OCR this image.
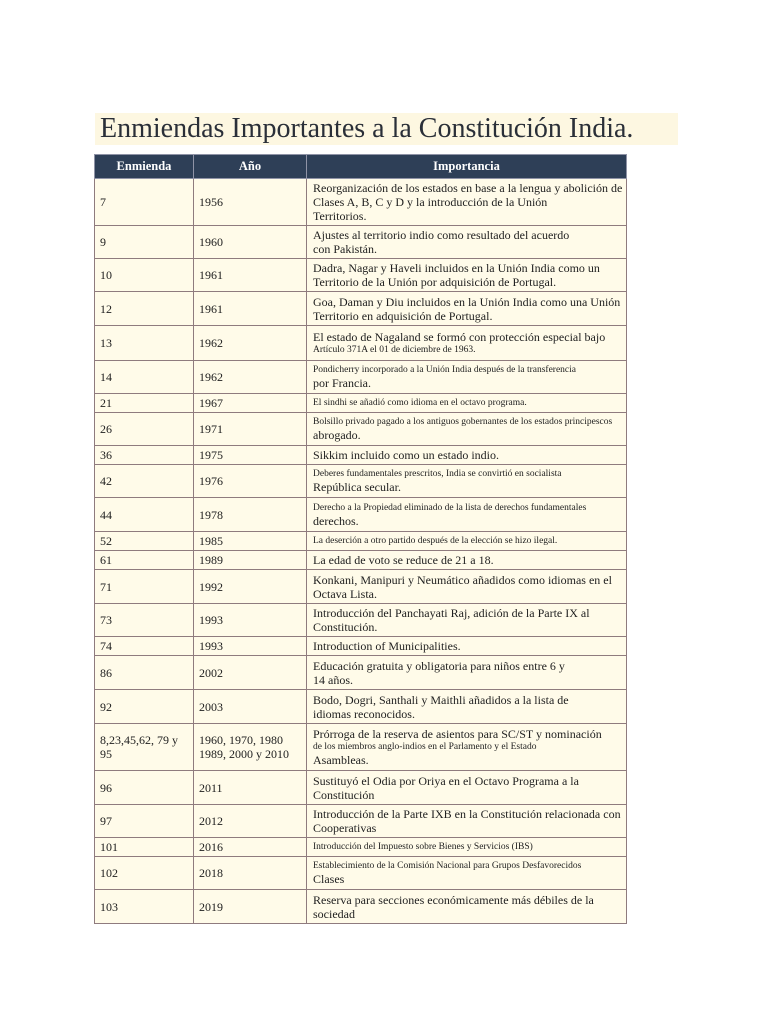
Enmiendas Importantes a la Constitución India.
Enmienda	Año	Importancia
7	1956	Reorganización de los estados en base a la lengua y abolición de
Clases A, B, C y D y la introducción de la Unión
Territorios.

9	1960	Ajustes al territorio indio como resultado del acuerdo
con Pakistán.

10	1961	Dadra, Nagar y Haveli incluidos en la Unión India como un
Territorio de la Unión por adquisición de Portugal.

12	1961	Goa, Daman y Diu incluidos en la Unión India como una Unión
Territorio en adquisición de Portugal.

13	1962	El estado de Nagaland se formó con protección especial bajo
Artículo 371A el 01 de diciembre de 1963.

14	1962	Pondicherry incorporado a la Unión India después de la transferencia
por Francia.

21	1967	El sindhi se añadió como idioma en el octavo programa.

26	1971	Bolsillo privado pagado a los antiguos gobernantes de los estados principescos
abrogado.

36	1975	Sikkim incluido como un estado indio.

42	1976	Deberes fundamentales prescritos, India se convirtió en socialista
República secular.

44	1978	Derecho a la Propiedad eliminado de la lista de derechos fundamentales
derechos.

52	1985	La deserción a otro partido después de la elección se hizo ilegal.

61	1989	La edad de voto se reduce de 21 a 18.

71	1992	Konkani, Manipuri y Neumático añadidos como idiomas en el
Octava Lista.

73	1993	Introducción del Panchayati Raj, adición de la Parte IX al
Constitución.

74	1993	Introduction of Municipalities.

86	2002	Educación gratuita y obligatoria para niños entre 6 y
14 años.

92	2003	Bodo, Dogri, Santhali y Maithli añadidos a la lista de
idiomas reconocidos.

8,23,45,62, 79 y 95	1960, 1970, 1980 1989, 2000 y 2010	Prórroga de la reserva de asientos para SC/ST y nominación
de los miembros anglo-indios en el Parlamento y el Estado
Asambleas.

96	2011	Sustituyó el Odia por Oriya en el Octavo Programa a la
Constitución

97	2012	Introducción de la Parte IXB en la Constitución relacionada con
Cooperativas

101	2016	Introducción del Impuesto sobre Bienes y Servicios (IBS)

102	2018	Establecimiento de la Comisión Nacional para Grupos Desfavorecidos
Clases

103	2019	Reserva para secciones económicamente más débiles de la
sociedad
